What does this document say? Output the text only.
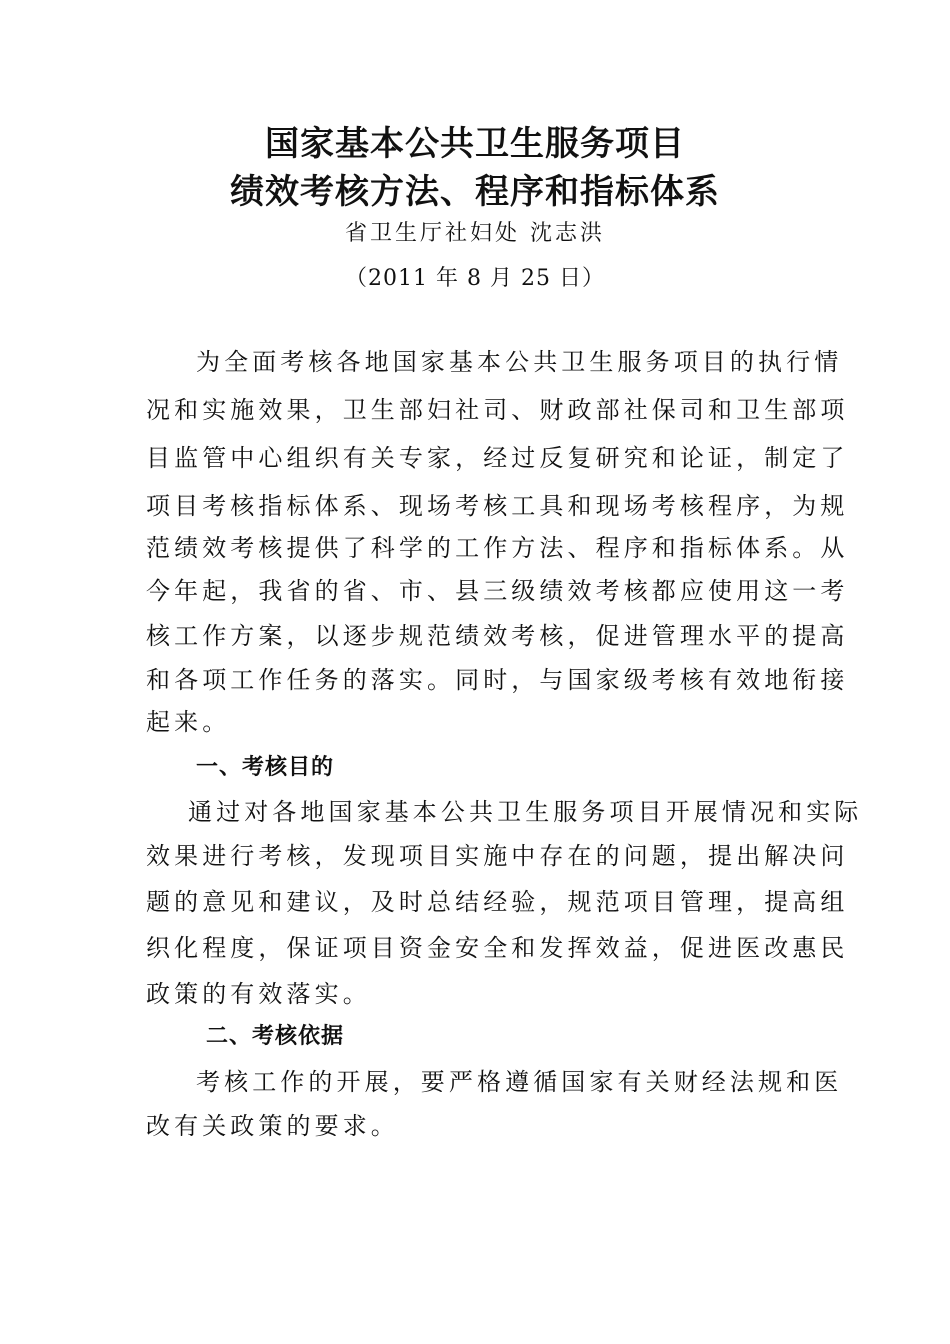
国家基本公共卫生服务项目
绩效考核方法、程序和指标体系
省卫生厅社妇处 沈志洪
（2011 年 8 月 25 日）
为全面考核各地国家基本公共卫生服务项目的执行情
况和实施效果，卫生部妇社司、财政部社保司和卫生部项
目监管中心组织有关专家，经过反复研究和论证，制定了
项目考核指标体系、现场考核工具和现场考核程序，为规
范绩效考核提供了科学的工作方法、程序和指标体系。从
今年起，我省的省、市、县三级绩效考核都应使用这一考
核工作方案，以逐步规范绩效考核，促进管理水平的提高
和各项工作任务的落实。同时，与国家级考核有效地衔接
起来。
一、考核目的
通过对各地国家基本公共卫生服务项目开展情况和实际
效果进行考核，发现项目实施中存在的问题，提出解决问
题的意见和建议，及时总结经验，规范项目管理，提高组
织化程度，保证项目资金安全和发挥效益，促进医改惠民
政策的有效落实。
二、考核依据
考核工作的开展，要严格遵循国家有关财经法规和医
改有关政策的要求。
